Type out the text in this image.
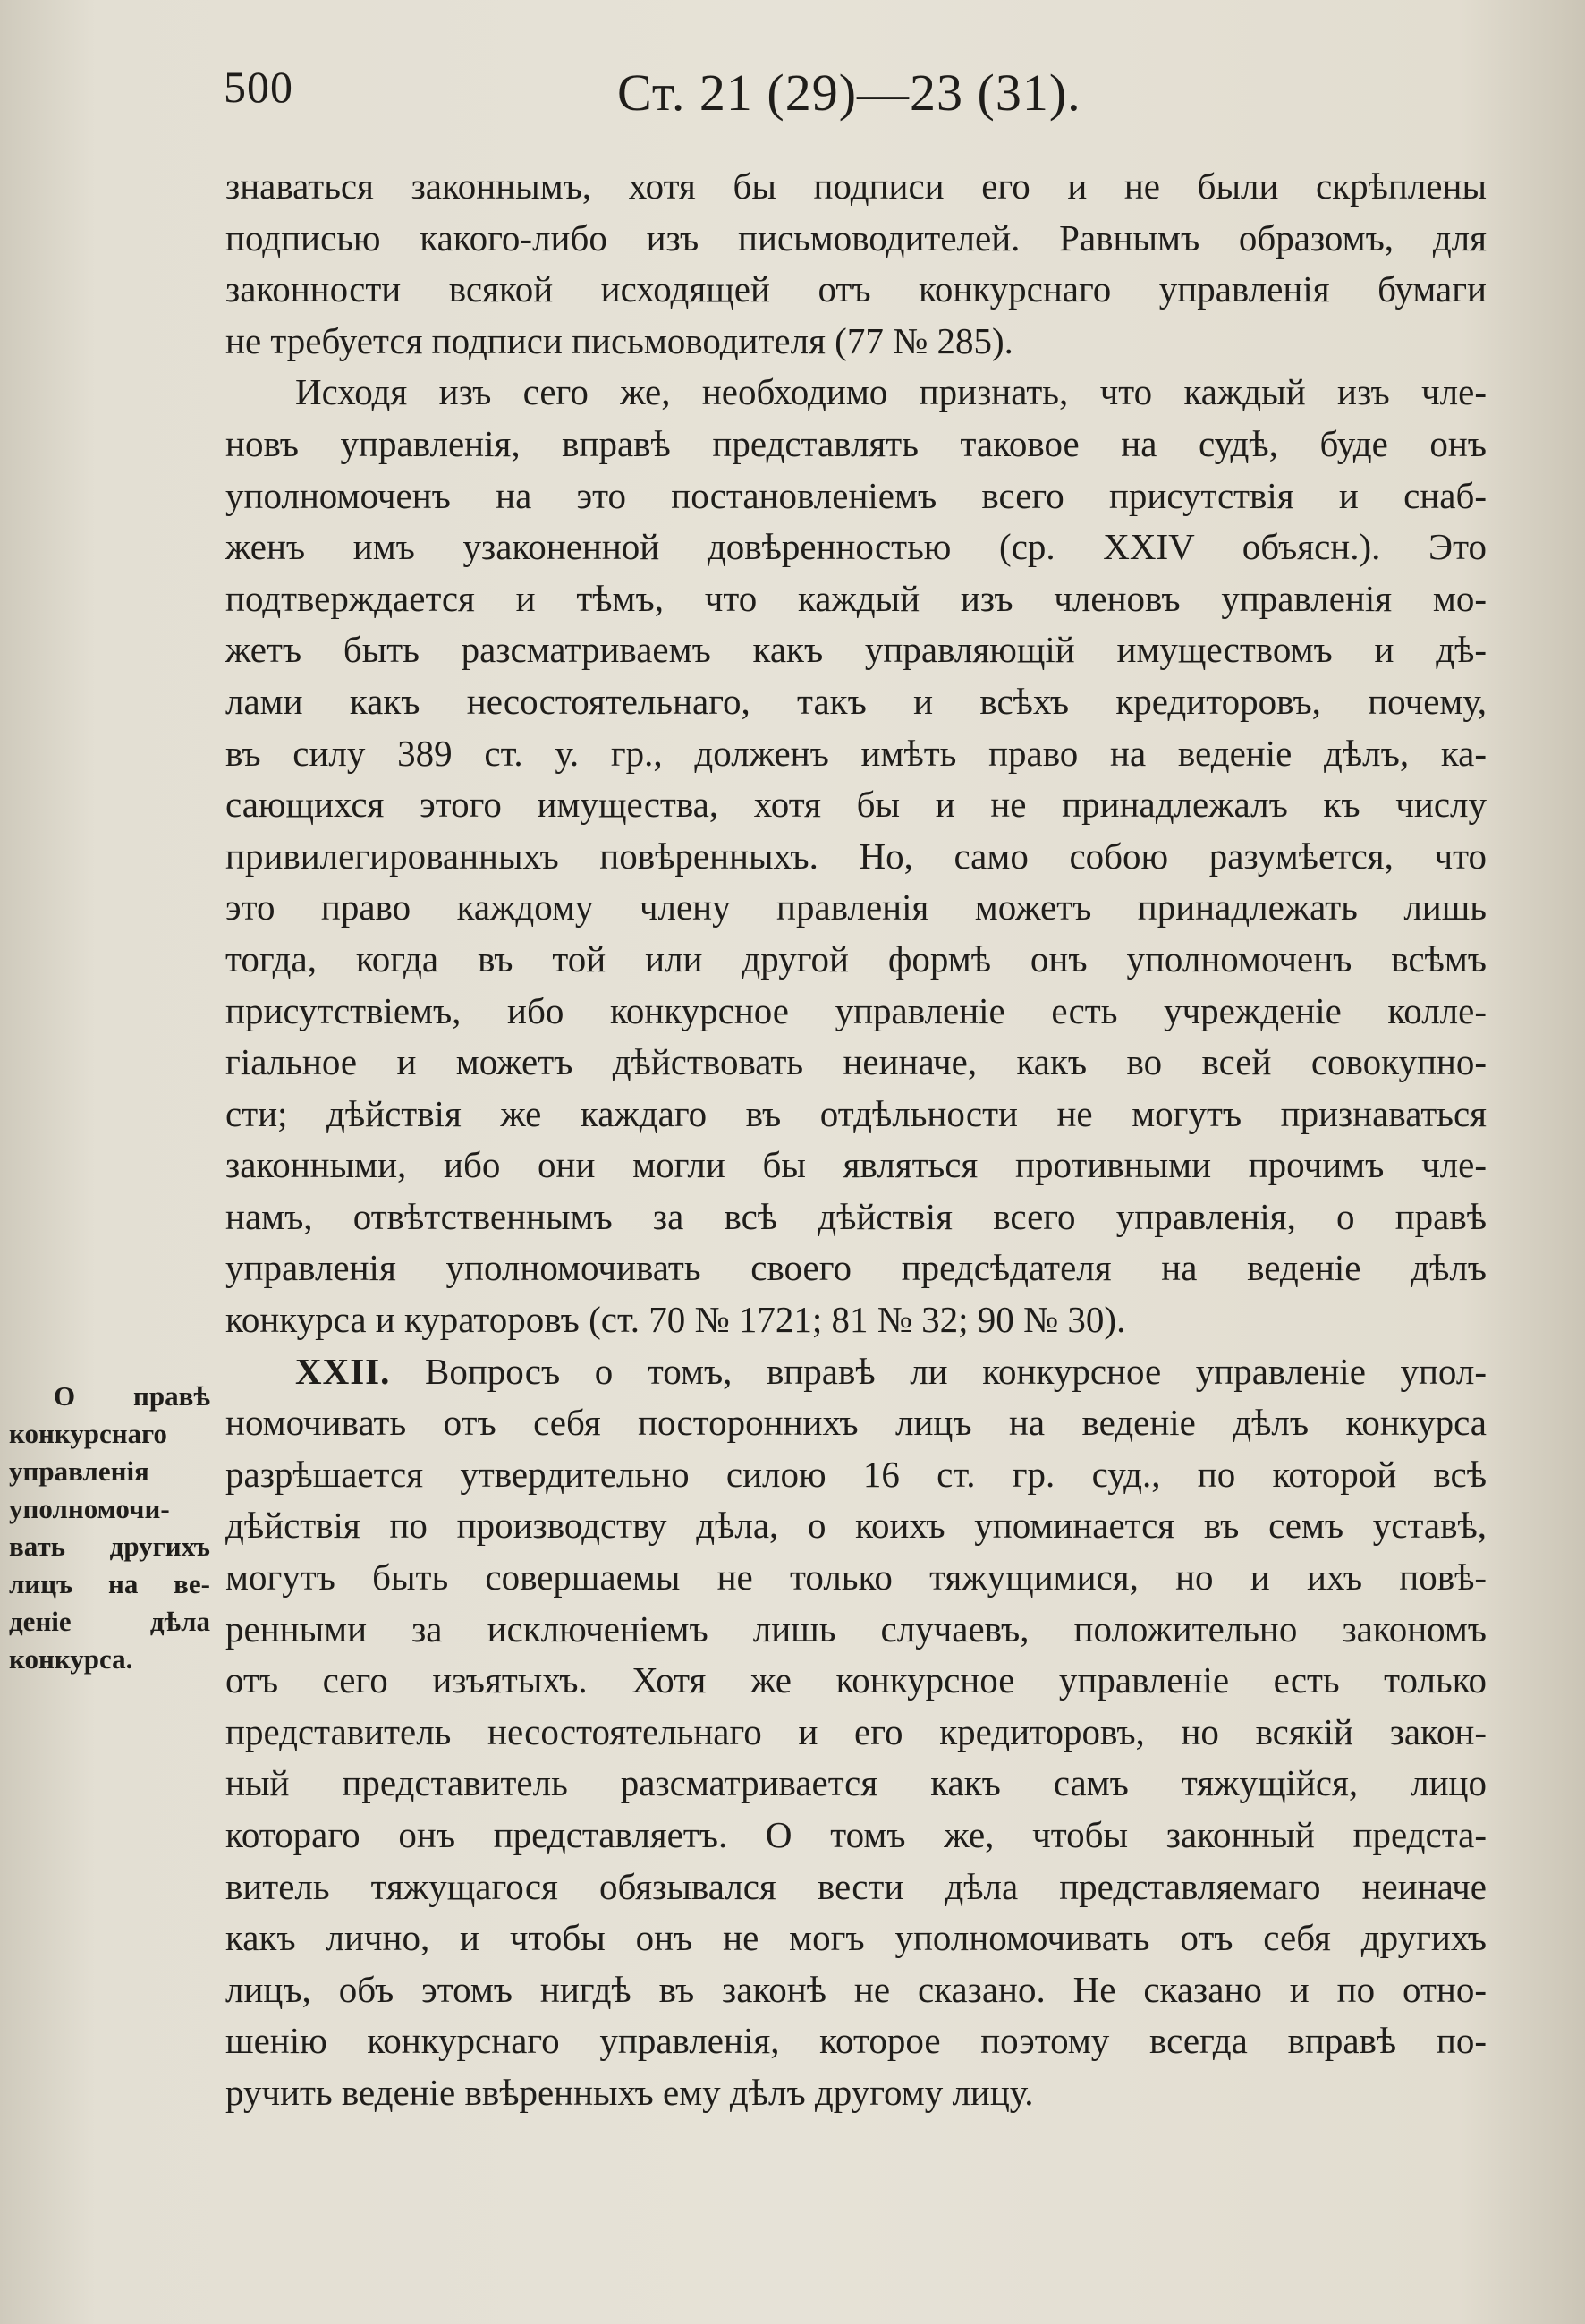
500	Ст. 21 (29)—23 (31).
О правѣ
конкурснаго
управленія
уполномочи-
вать другихъ
лицъ на ве-
деніе дѣла
конкурса.
знаваться законнымъ, хотя бы подписи его и не были скрѣплены
подписью какого-либо изъ письмоводителей. Равнымъ образомъ, для
законности всякой исходящей отъ конкурснаго управленія бумаги
не требуется подписи письмоводителя (77 № 285).
Исходя изъ сего же, необходимо признать, что каждый изъ чле-
новъ управленія, вправѣ представлять таковое на судѣ, буде онъ
уполномоченъ на это постановленіемъ всего присутствія и снаб-
женъ имъ узаконенной довѣренностью (ср. XXIV объясн.). Это
подтверждается и тѣмъ, что каждый изъ членовъ управленія мо-
жетъ быть разсматриваемъ какъ управляющій имуществомъ и дѣ-
лами какъ несостоятельнаго, такъ и всѣхъ кредиторовъ, почему,
въ силу 389 ст. у. гр., долженъ имѣть право на веденіе дѣлъ, ка-
сающихся этого имущества, хотя бы и не принадлежалъ къ числу
привилегированныхъ повѣренныхъ. Но, само собою разумѣется, что
это право каждому члену правленія можетъ принадлежать лишь
тогда, когда въ той или другой формѣ онъ уполномоченъ всѣмъ
присутствіемъ, ибо конкурсное управленіе есть учрежденіе колле-
гіальное и можетъ дѣйствовать неиначе, какъ во всей совокупно-
сти; дѣйствія же каждаго въ отдѣльности не могутъ признаваться
законными, ибо они могли бы являться противными прочимъ чле-
намъ, отвѣтственнымъ за всѣ дѣйствія всего управленія, о правѣ
управленія уполномочивать своего предсѣдателя на веденіе дѣлъ
конкурса и кураторовъ (ст. 70 № 1721; 81 № 32; 90 № 30).
XXII. Вопросъ о томъ, вправѣ ли конкурсное управленіе упол-
номочивать отъ себя постороннихъ лицъ на веденіе дѣлъ конкурса
разрѣшается утвердительно силою 16 ст. гр. суд., по которой всѣ
дѣйствія по производству дѣла, о коихъ упоминается въ семъ уставѣ,
могутъ быть совершаемы не только тяжущимися, но и ихъ повѣ-
ренными за исключеніемъ лишь случаевъ, положительно закономъ
отъ сего изъятыхъ. Хотя же конкурсное управленіе есть только
представитель несостоятельнаго и его кредиторовъ, но всякій закон-
ный представитель разсматривается какъ самъ тяжущійся, лицо
котораго онъ представляетъ. О томъ же, чтобы законный предста-
витель тяжущагося обязывался вести дѣла представляемаго неиначе
какъ лично, и чтобы онъ не могъ уполномочивать отъ себя другихъ
лицъ, объ этомъ нигдѣ въ законѣ не сказано. Не сказано и по отно-
шенію конкурснаго управленія, которое поэтому всегда вправѣ по-
ручить веденіе ввѣренныхъ ему дѣлъ другому лицу.
